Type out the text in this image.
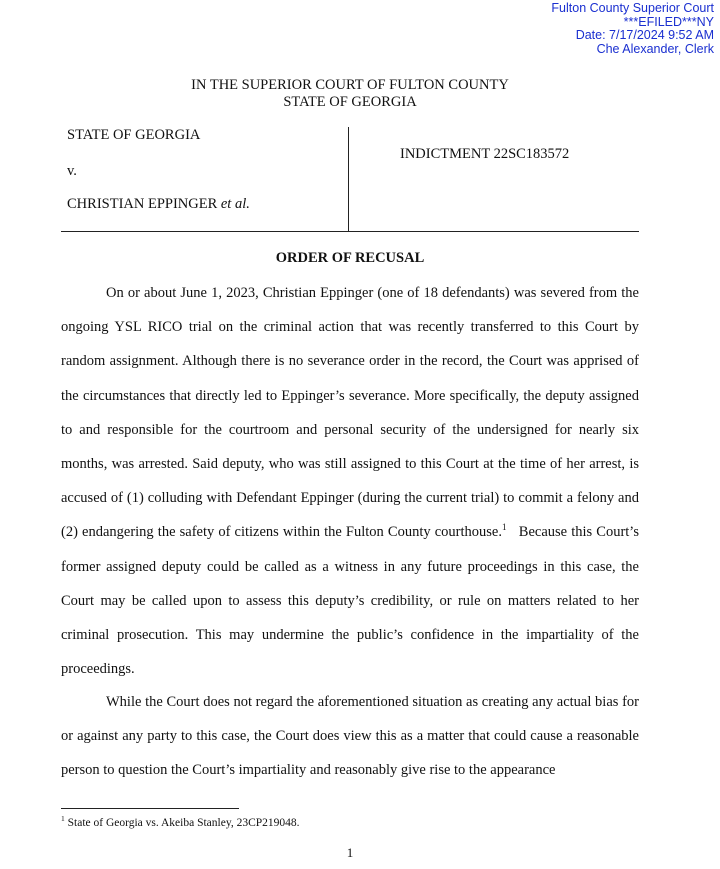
Fulton County Superior Court
***EFILED***NY
Date: 7/17/2024 9:52 AM
Che Alexander, Clerk
IN THE SUPERIOR COURT OF FULTON COUNTY
STATE OF GEORGIA
STATE OF GEORGIA
v.
CHRISTIAN EPPINGER et al.
INDICTMENT 22SC183572
ORDER OF RECUSAL
On or about June 1, 2023, Christian Eppinger (one of 18 defendants) was severed from the ongoing YSL RICO trial on the criminal action that was recently transferred to this Court by random assignment. Although there is no severance order in the record, the Court was apprised of the circumstances that directly led to Eppinger’s severance. More specifically, the deputy assigned to and responsible for the courtroom and personal security of the undersigned for nearly six months, was arrested. Said deputy, who was still assigned to this Court at the time of her arrest, is accused of (1) colluding with Defendant Eppinger (during the current trial) to commit a felony and (2) endangering the safety of citizens within the Fulton County courthouse.$^1$   Because this Court’s former assigned deputy could be called as a witness in any future proceedings in this case, the Court may be called upon to assess this deputy’s credibility, or rule on matters related to her criminal prosecution. This may undermine the public’s confidence in the impartiality of the proceedings.
While the Court does not regard the aforementioned situation as creating any actual bias for or against any party to this case, the Court does view this as a matter that could cause a reasonable person to question the Court’s impartiality and reasonably give rise to the appearance
$^1$ State of Georgia vs. Akeiba Stanley, 23CP219048.
1
